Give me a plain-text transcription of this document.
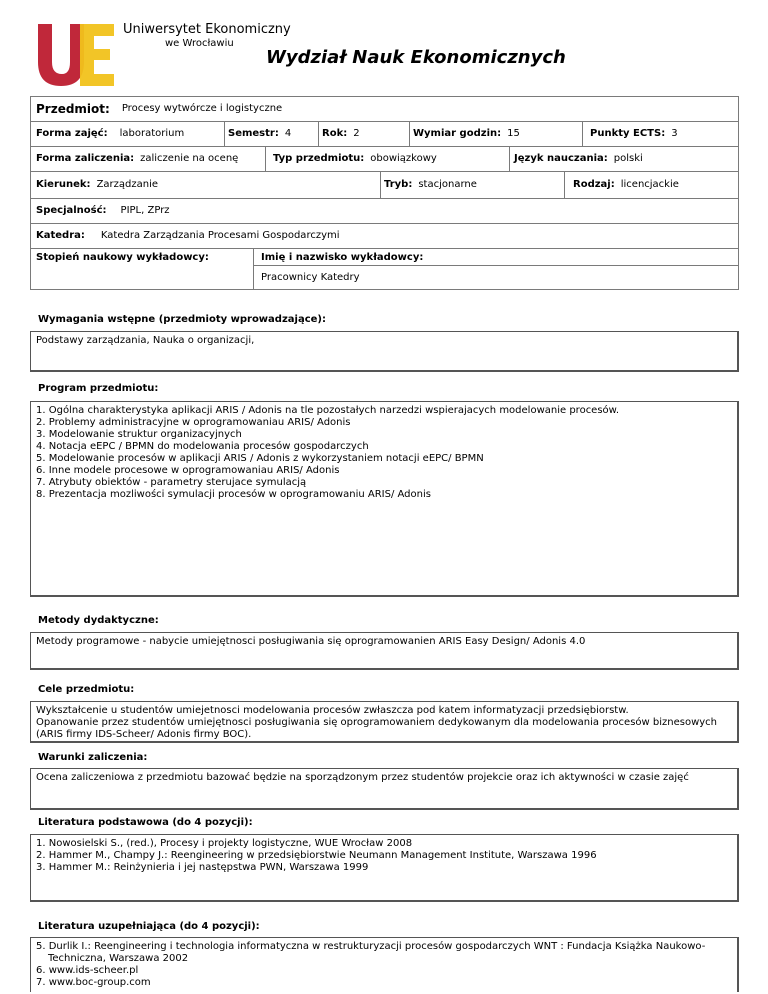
Uniwersytet Ekonomiczny
we Wrocławiu
Wydział Nauk Ekonomicznych
Przedmiot: Procesy wytwórcze i logistyczne
Forma zajęć: laboratorium	Semestr: 4	Rok: 2	Wymiar godzin: 15	Punkty ECTS: 3
Forma zaliczenia: zaliczenie na ocenę	Typ przedmiotu: obowiązkowy	Język nauczania: polski
Kierunek: Zarządzanie	Tryb: stacjonarne	Rodzaj: licencjackie
Specjalność: PIPL, ZPrz
Katedra: Katedra Zarządzania Procesami Gospodarczymi
Stopień naukowy wykładowcy:	Imię i nazwisko wykładowcy:
Pracownicy Katedry
Wymagania wstępne (przedmioty wprowadzające):
Podstawy zarządzania, Nauka o organizacji,
Program przedmiotu:
1. Ogólna charakterystyka aplikacji ARIS / Adonis na tle pozostałych narzedzi wspierajacych modelowanie procesów.
2. Problemy administracyjne w oprogramowaniau ARIS/ Adonis
3. Modelowanie struktur organizacyjnych
4. Notacja eEPC / BPMN do modelowania procesów gospodarczych
5. Modelowanie procesów w aplikacji ARIS / Adonis z wykorzystaniem notacji eEPC/ BPMN
6. Inne modele procesowe w oprogramowaniau ARIS/ Adonis
7. Atrybuty obiektów - parametry sterujace symulacją
8. Prezentacja mozliwości symulacji procesów w oprogramowaniu ARIS/ Adonis
Metody dydaktyczne:
Metody programowe - nabycie umiejętnosci posługiwania się oprogramowanien ARIS Easy Design/ Adonis 4.0
Cele przedmiotu:
Wykształcenie u studentów umiejetnosci modelowania procesów zwłaszcza pod katem informatyzacji przedsiębiorstw.
Opanowanie przez studentów umiejętnosci posługiwania się oprogramowaniem dedykowanym dla modelowania procesów biznesowych (ARIS firmy IDS-Scheer/ Adonis firmy BOC).
Warunki zaliczenia:
Ocena zaliczeniowa z przedmiotu bazować będzie na sporządzonym przez studentów projekcie oraz ich aktywności w czasie zajęć
Literatura podstawowa (do 4 pozycji):
1. Nowosielski S., (red.), Procesy i projekty logistyczne, WUE Wrocław 2008
2. Hammer M., Champy J.: Reengineering w przedsiębiorstwie Neumann Management Institute, Warszawa 1996
3. Hammer M.: Reinżynieria i jej następstwa PWN, Warszawa 1999
Literatura uzupełniająca (do 4 pozycji):
5. Durlik I.: Reengineering i technologia informatyczna w restrukturyzacji procesów gospodarczych WNT : Fundacja Książka Naukowo-Techniczna, Warszawa 2002
6. www.ids-scheer.pl
7. www.boc-group.com
